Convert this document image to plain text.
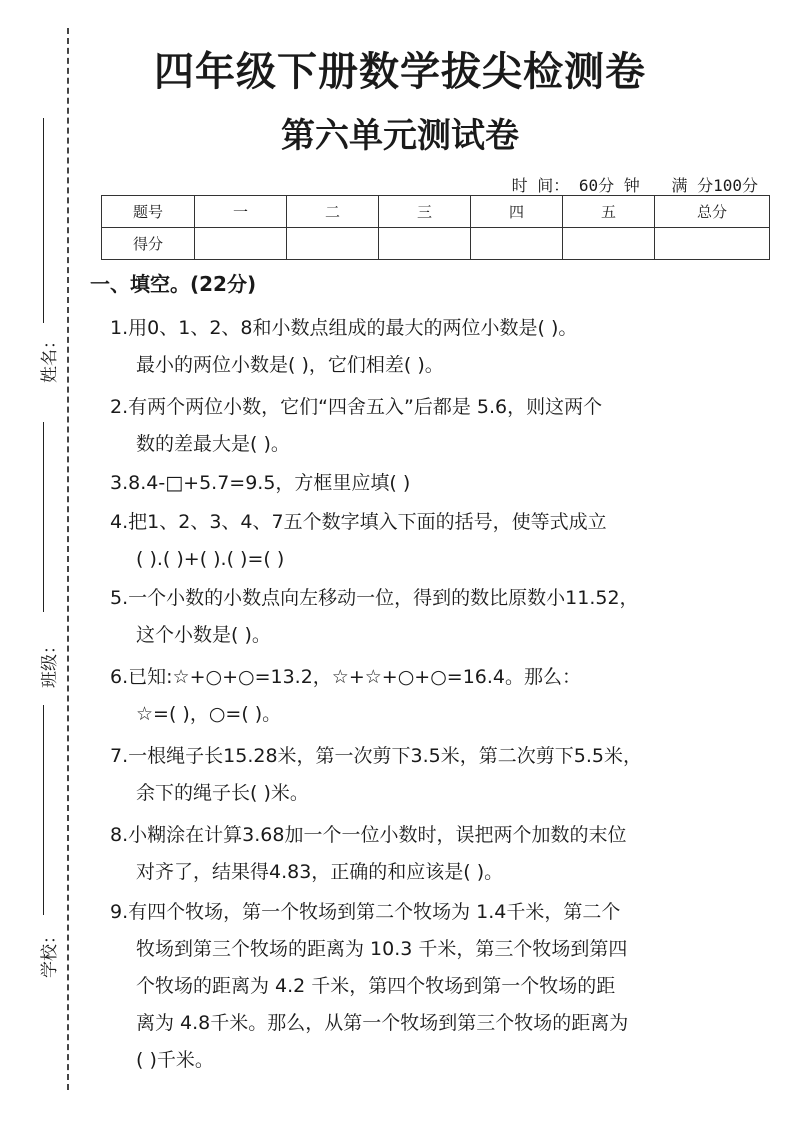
姓名：
班级：
学校：
四年级下册数学拔尖检测卷
第六单元测试卷
时 间： 60分 钟 满 分100分
题号	一	二	三	四	五	总分
得分						
一、填空。(22分)
1.用0、1、2、8和小数点组成的最大的两位小数是( )。
最小的两位小数是( )，它们相差( )。
2.有两个两位小数，它们“四舍五入”后都是 5.6，则这两个
数的差最大是( )。
3.8.4-□+5.7=9.5，方框里应填( )
4.把1、2、3、4、7五个数字填入下面的括号，使等式成立
( ).( )+( ).( )=( )
5.一个小数的小数点向左移动一位，得到的数比原数小11.52，
这个小数是( )。
6.已知:☆+○+○=13.2，☆+☆+○+○=16.4。那么：
☆=( )，○=( )。
7.一根绳子长15.28米，第一次剪下3.5米，第二次剪下5.5米，
余下的绳子长( )米。
8.小糊涂在计算3.68加一个一位小数时，误把两个加数的末位
对齐了，结果得4.83，正确的和应该是( )。
9.有四个牧场，第一个牧场到第二个牧场为 1.4千米，第二个
牧场到第三个牧场的距离为 10.3 千米，第三个牧场到第四
个牧场的距离为 4.2 千米，第四个牧场到第一个牧场的距
离为 4.8千米。那么，从第一个牧场到第三个牧场的距离为
( )千米。
